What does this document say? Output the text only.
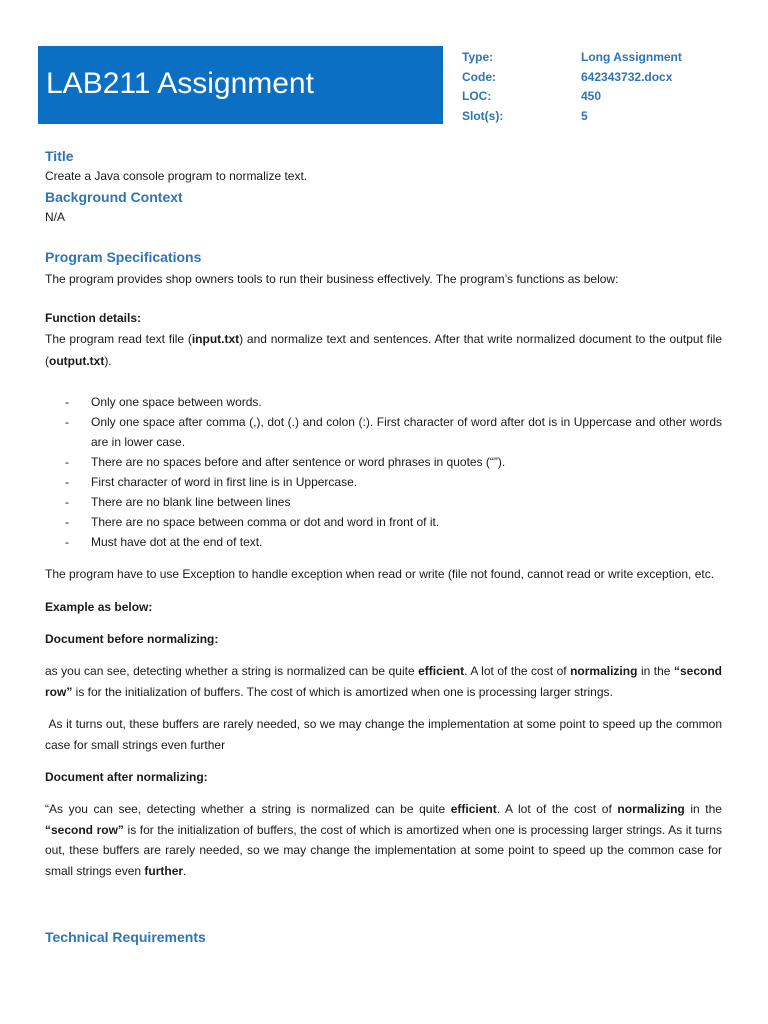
LAB211 Assignment
Type:	Long Assignment
Code:	642343732.docx
LOC:	450
Slot(s):	5
Title

Create a Java console program to normalize text.

Background Context

N/A

Program Specifications

The program provides shop owners tools to run their business effectively. The program’s functions as below:

Function details:

The program read text file (input.txt) and normalize text and sentences. After that write normalized document to the output file (output.txt).

- Only one space between words.
- Only one space after comma (,), dot (.) and colon (:). First character of word after dot is in Uppercase and other words are in lower case.
- There are no spaces before and after sentence or word phrases in quotes (“”).
- First character of word in first line is in Uppercase.
- There are no blank line between lines
- There are no space between comma or dot and word in front of it.
- Must have dot at the end of text.

The program have to use Exception to handle exception when read or write (file not found, cannot read or write exception, etc.

Example as below:

Document before normalizing:

as you can see, detecting whether a string is normalized can be quite efficient. A lot of the cost of normalizing in the “second row” is for the initialization of buffers. The cost of which is amortized when one is processing larger strings.

As it turns out, these buffers are rarely needed, so we may change the implementation at some point to speed up the common case for small strings even further

Document after normalizing:

“As you can see, detecting whether a string is normalized can be quite efficient. A lot of the cost of normalizing in the “second row” is for the initialization of buffers, the cost of which is amortized when one is processing larger strings. As it turns out, these buffers are rarely needed, so we may change the implementation at some point to speed up the common case for small strings even further.

Technical Requirements
